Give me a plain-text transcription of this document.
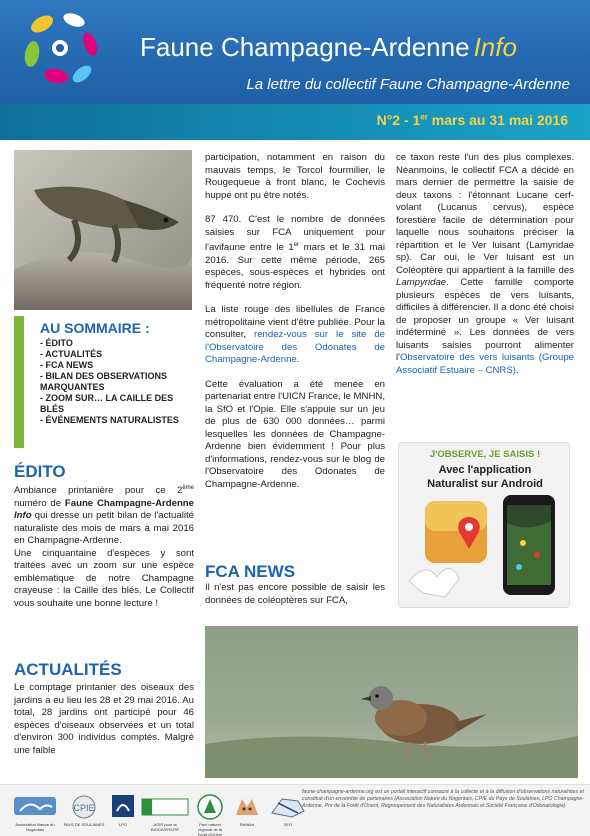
Faune Champagne-Ardenne Info
La lettre du collectif Faune Champagne-Ardenne
N°2 - 1er mars au 31 mai 2016
AU SOMMAIRE :
- ÉDITO
- ACTUALITÉS
- FCA NEWS
- BILAN DES OBSERVATIONS MARQUANTES
- ZOOM SUR… LA CAILLE DES BLÉS
- ÉVÉNEMENTS NATURALISTES
ÉDITO

Ambiance printanière pour ce 2ème numéro de Faune Champagne-Ardenne Info qui dresse un petit bilan de l'actualité naturaliste des mois de mars à mai 2016 en Champagne-Ardenne.

Une cinquantaine d'espèces y sont traitées avec un zoom sur une espèce emblématique de notre Champagne crayeuse : la Caille des blés. Le Collectif vous souhaite une bonne lecture !

ACTUALITÉS
Le comptage printanier des oiseaux des jardins a eu lieu les 28 et 29 mai 2016. Au total, 28 jardins ont participé pour 46 espèces d'oiseaux observées et un total d'environ 300 individus comptés. Malgré une faible

participation, notamment en raison du mauvais temps, le Torcol fourmilier, le Rougequeue à front blanc, le Cochevis huppé ont pu être notés.

87 470. C'est le nombre de données saisies sur FCA uniquement pour l'avifaune entre le 1er mars et le 31 mai 2016. Sur cette même période, 265 espèces, sous-espèces et hybrides ont fréquenté notre région.

La liste rouge des libellules de France métropolitaine vient d'être publiée. Pour la consulter, rendez-vous sur le site de l'Observatoire des Odonates de Champagne-Ardenne.

Cette évaluation a été menée en partenariat entre l'UICN France, le MNHN, la SfO et l'Opie. Elle s'appuie sur un jeu de plus de 630 000 données… parmi lesquelles les données de Champagne-Ardenne bien évidemment ! Pour plus d'informations, rendez-vous sur le blog de l'Observatoire des Odonates de Champagne-Ardenne.

FCA NEWS
Il n'est pas encore possible de saisir les données de coléoptères sur FCA,

ce taxon reste l'un des plus complexes. Néanmoins, le collectif FCA a décidé en mars dernier de permettre la saisie de deux taxons : l'étonnant Lucane cerf-volant (Lucanus cervus), espèce forestière facile de détermination pour laquelle nous souhaitons préciser la répartition et le Ver luisant (Lamyridae sp). Car oui, le Ver luisant est un Coléoptère qui appartient à la famille des Lampyridae. Cette famille comporte plusieurs espèces de vers luisants, difficiles à différencier. Il a donc été choisi de proposer un groupe « Ver luisant indéterminé ». Les données de vers luisants saisies pourront alimenter l'Observatoire des vers luisants (Groupe Associatif Estuaire – CNRS).

J'OBSERVE, JE SAISIS !
Avec l'application
Naturalist sur Android
Association Nature du Nogentais
CPIE
PAYS DE SOULAINES	LPO	AGIR pour la BIODIVERSITÉ
Parc naturel régional de la Forêt d'Orient
ReNArd	SFO
faune-champagne-ardenne.org est un portail interactif consacré à la collecte et à la diffusion d'observations naturalistes et constitué d'un ensemble de partenaires (Association Nature du Nogentais, CPIE du Pays de Soulaines, LPO Champagne-Ardenne, Pnr de la Forêt d'Orient, Regroupement des Naturalistes Ardennais et Société Française d'Odonatologie).
